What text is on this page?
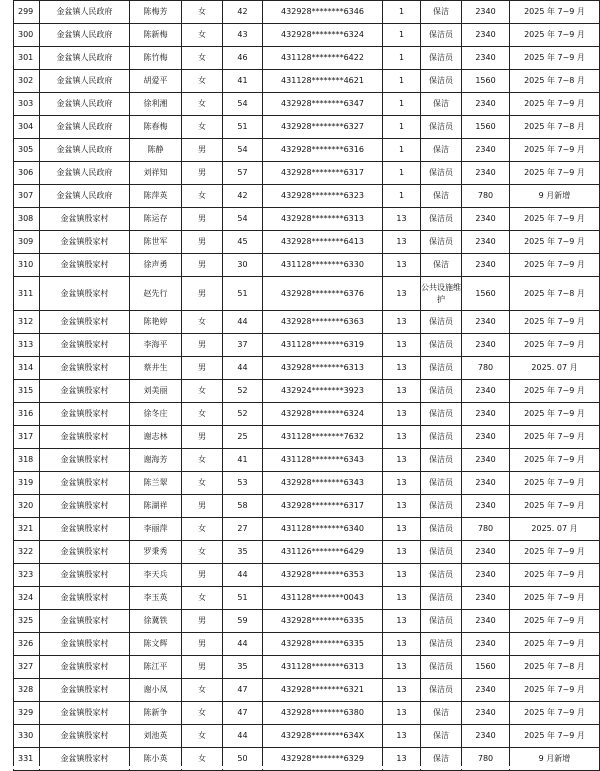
299	金盆镇人民政府	陈梅芳	女	42	432928********6346	1	保洁	2340	2025 年 7~9 月
300	金盆镇人民政府	陈新梅	女	43	432928********6324	1	保洁员	2340	2025 年 7~9 月
301	金盆镇人民政府	陈竹梅	女	46	431128********6422	1	保洁员	2340	2025 年 7~9 月
302	金盆镇人民政府	胡爱平	女	41	431128********4621	1	保洁员	1560	2025 年 7~8 月
303	金盆镇人民政府	徐利湘	女	54	432928********6347	1	保洁	2340	2025 年 7~9 月
304	金盆镇人民政府	陈春梅	女	51	432928********6327	1	保洁员	1560	2025 年 7~8 月
305	金盆镇人民政府	陈静	男	54	432928********6316	1	保洁	2340	2025 年 7~9 月
306	金盆镇人民政府	刘祥知	男	57	432928********6317	1	保洁员	2340	2025 年 7~9 月
307	金盆镇人民政府	陈萍英	女	42	432928********6323	1	保洁	780	9 月新增
308	金盆镇殷家村	陈运存	男	54	432928********6313	13	保洁员	2340	2025 年 7~9 月
309	金盆镇殷家村	陈世军	男	45	432928********6413	13	保洁员	2340	2025 年 7~9 月
310	金盆镇殷家村	徐声勇	男	30	431128********6330	13	保洁	2340	2025 年 7~9 月
311	金盆镇殷家村	赵先行	男	51	432928********6376	13	公共设施维护	1560	2025 年 7~8 月
312	金盆镇殷家村	陈艳婷	女	44	432928********6363	13	保洁员	2340	2025 年 7~9 月
313	金盆镇殷家村	李海平	男	37	431128********6319	13	保洁员	2340	2025 年 7~9 月
314	金盆镇殷家村	蔡井生	男	44	432928********6313	13	保洁员	780	2025. 07 月
315	金盆镇殷家村	刘美丽	女	52	432924********3923	13	保洁员	2340	2025 年 7~9 月
316	金盆镇殷家村	徐冬庄	女	52	432928********6324	13	保洁员	2340	2025 年 7~9 月
317	金盆镇殷家村	谢志林	男	25	431128********7632	13	保洁员	2340	2025 年 7~9 月
318	金盆镇殷家村	谢海芳	女	41	431128********6343	13	保洁员	2340	2025 年 7~9 月
319	金盆镇殷家村	陈兰翠	女	53	432928********6343	13	保洁员	2340	2025 年 7~9 月
320	金盆镇殷家村	陈湖祥	男	58	432928********6317	13	保洁员	2340	2025 年 7~9 月
321	金盆镇殷家村	李丽萍	女	27	431128********6340	13	保洁员	780	2025. 07 月
322	金盆镇殷家村	罗秉秀	女	35	431126********6429	13	保洁员	2340	2025 年 7~9 月
323	金盆镇殷家村	李天兵	男	44	432928********6353	13	保洁员	2340	2025 年 7~9 月
324	金盆镇殷家村	李玉英	女	51	431128********0043	13	保洁员	2340	2025 年 7~9 月
325	金盆镇殷家村	徐冀铁	男	59	432928********6335	13	保洁员	2340	2025 年 7~9 月
326	金盆镇殷家村	陈文辉	男	44	432928********6335	13	保洁员	2340	2025 年 7~9 月
327	金盆镇殷家村	陈江平	男	35	431128********6313	13	保洁员	1560	2025 年 7~8 月
328	金盆镇殷家村	谢小凤	女	47	432928********6321	13	保洁员	2340	2025 年 7~9 月
329	金盆镇殷家村	陈新争	女	47	432928********6380	13	保洁	2340	2025 年 7~9 月
330	金盆镇殷家村	刘池英	女	44	432928********634X	13	保洁	2340	2025 年 7~9 月
331	金盆镇殷家村	陈小英	女	50	432928********6329	13	保洁	780	9 月新增
